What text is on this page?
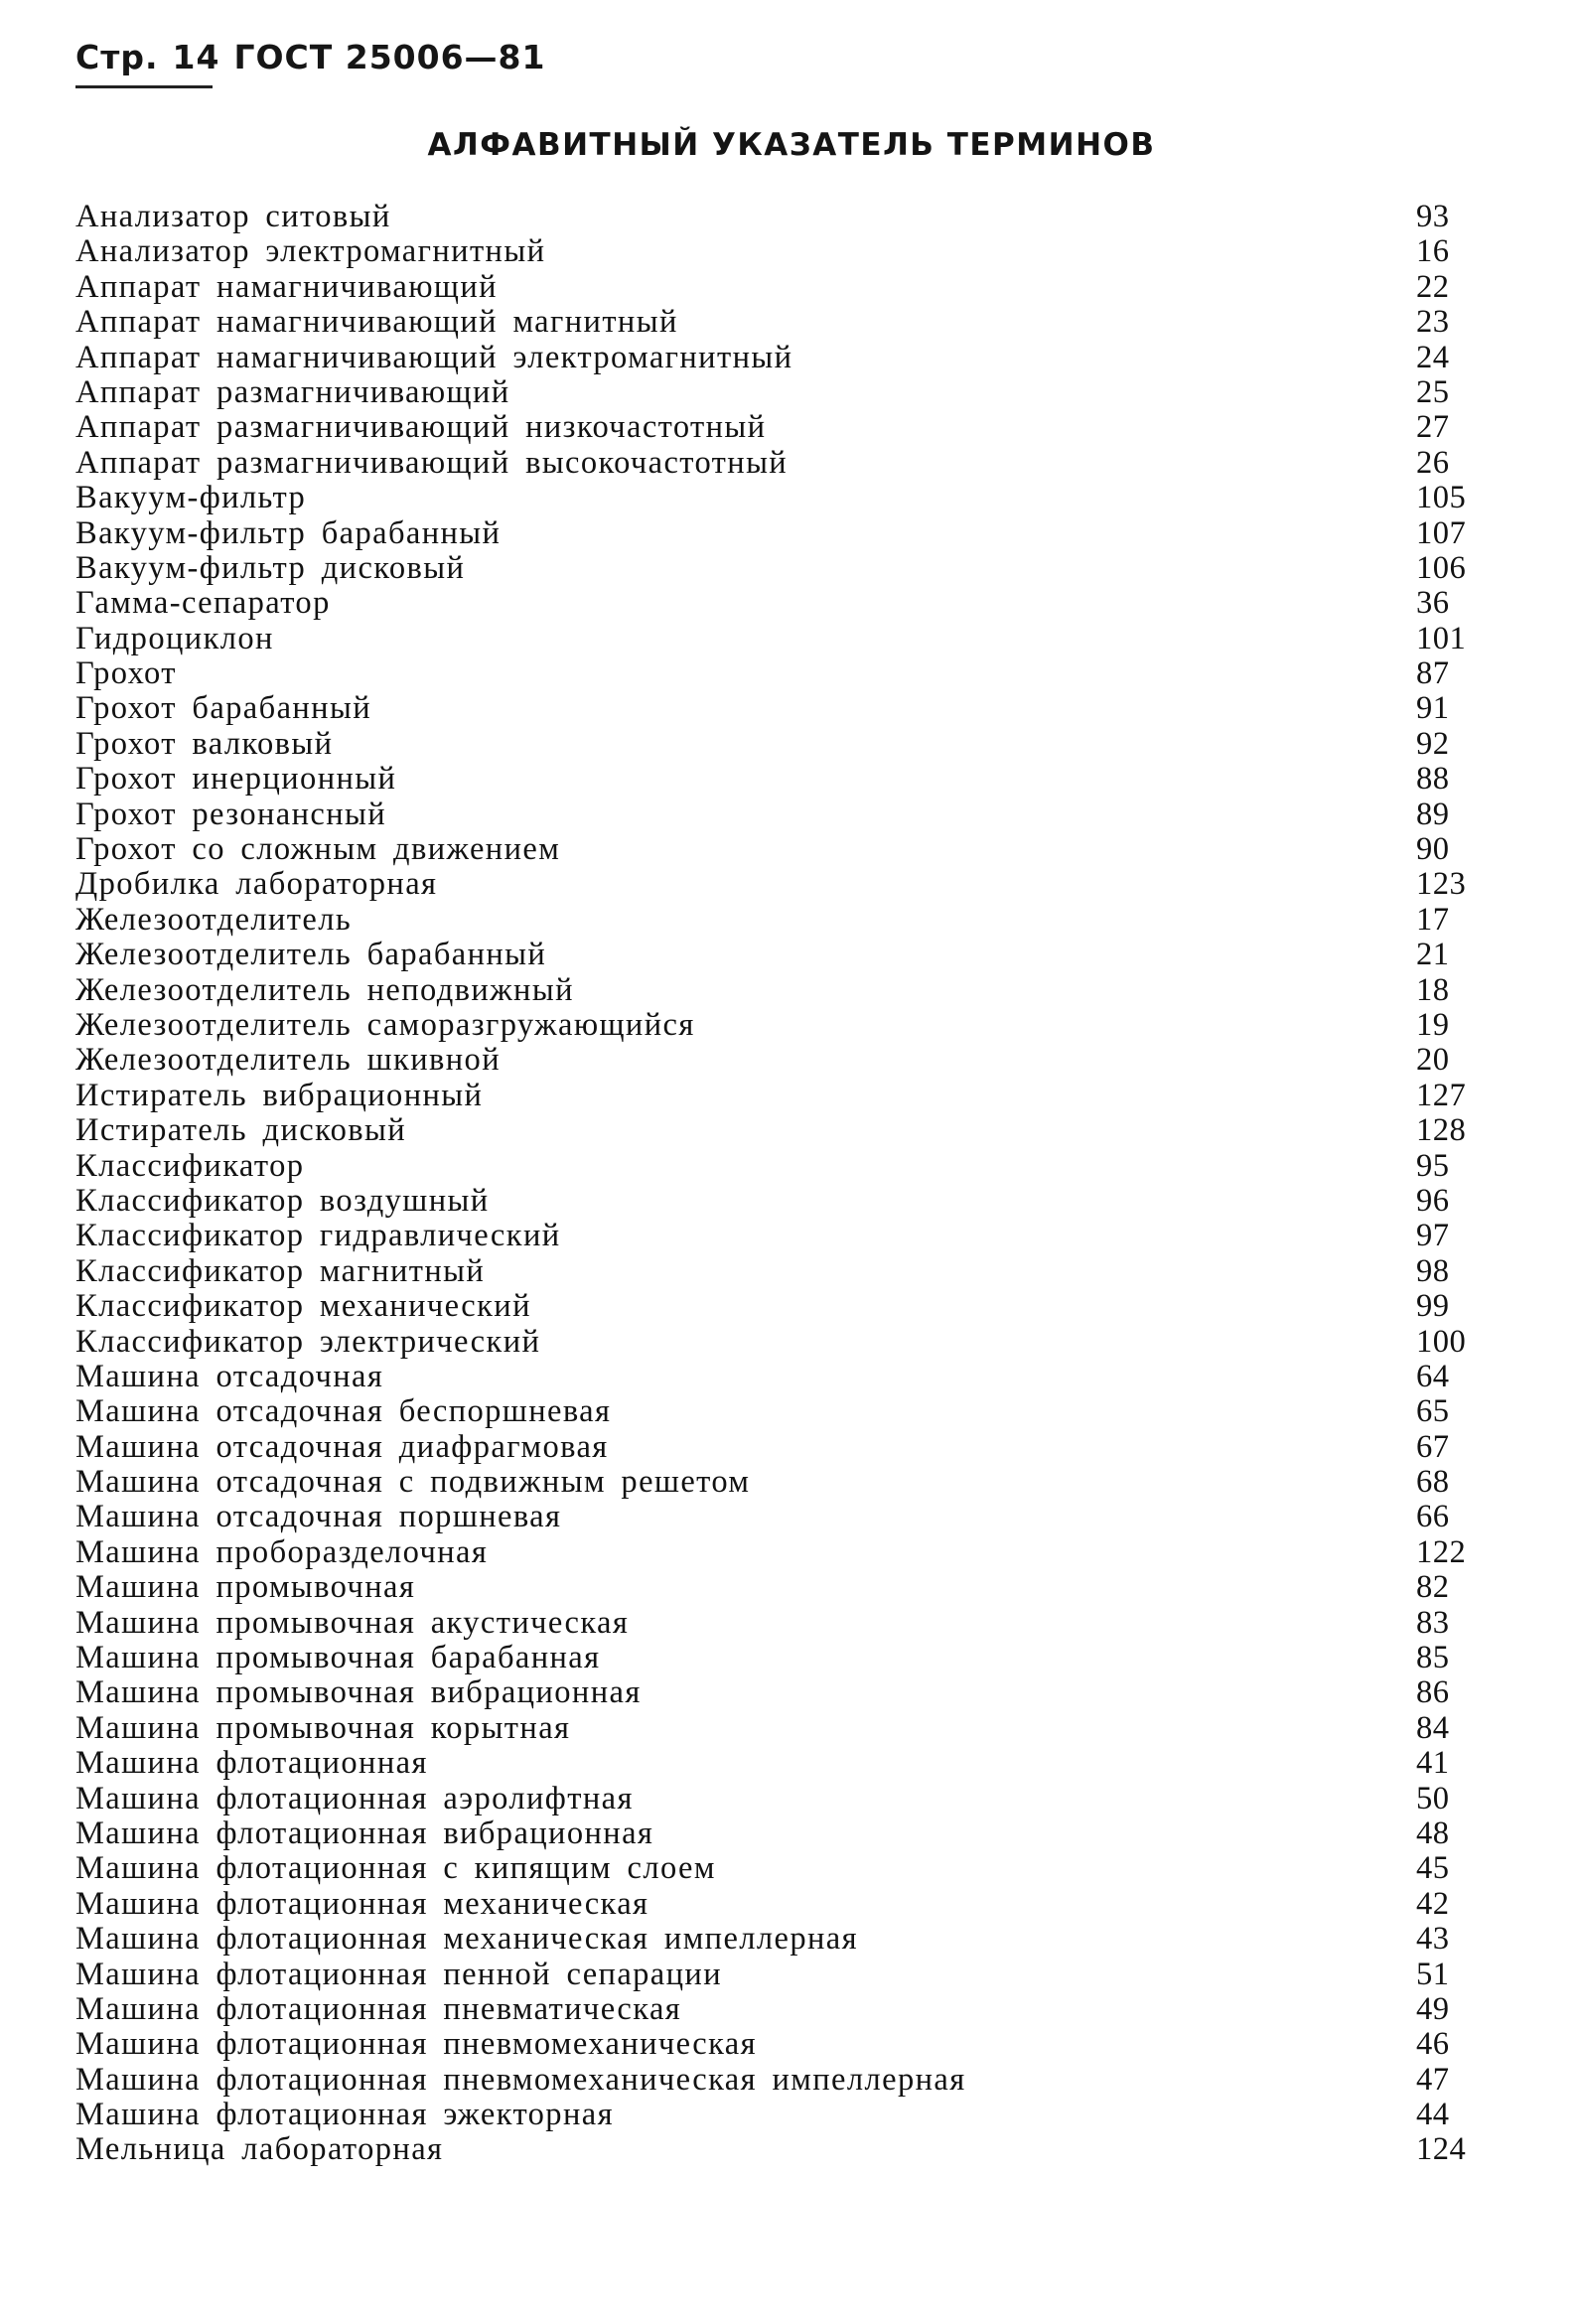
Стр. 14 ГОСТ 25006—81
АЛФАВИТНЫЙ УКАЗАТЕЛЬ ТЕРМИНОВ
Анализатор ситовый	93
Анализатор электромагнитный	16
Аппарат намагничивающий	22
Аппарат намагничивающий магнитный	23
Аппарат намагничивающий электромагнитный	24
Аппарат размагничивающий	25
Аппарат размагничивающий низкочастотный	27
Аппарат размагничивающий высокочастотный	26
Вакуум-фильтр	105
Вакуум-фильтр барабанный	107
Вакуум-фильтр дисковый	106
Гамма-сепаратор	36
Гидроциклон	101
Грохот	87
Грохот барабанный	91
Грохот валковый	92
Грохот инерционный	88
Грохот резонансный	89
Грохот со сложным движением	90
Дробилка лабораторная	123
Железоотделитель	17
Железоотделитель барабанный	21
Железоотделитель неподвижный	18
Железоотделитель саморазгружающийся	19
Железоотделитель шкивной	20
Истиратель вибрационный	127
Истиратель дисковый	128
Классификатор	95
Классификатор воздушный	96
Классификатор гидравлический	97
Классификатор магнитный	98
Классификатор механический	99
Классификатор электрический	100
Машина отсадочная	64
Машина отсадочная беспоршневая	65
Машина отсадочная диафрагмовая	67
Машина отсадочная с подвижным решетом	68
Машина отсадочная поршневая	66
Машина проборазделочная	122
Машина промывочная	82
Машина промывочная акустическая	83
Машина промывочная барабанная	85
Машина промывочная вибрационная	86
Машина промывочная корытная	84
Машина флотационная	41
Машина флотационная аэролифтная	50
Машина флотационная вибрационная	48
Машина флотационная с кипящим слоем	45
Машина флотационная механическая	42
Машина флотационная механическая импеллерная	43
Машина флотационная пенной сепарации	51
Машина флотационная пневматическая	49
Машина флотационная пневмомеханическая	46
Машина флотационная пневмомеханическая импеллерная	47
Машина флотационная эжекторная	44
Мельница лабораторная	124
